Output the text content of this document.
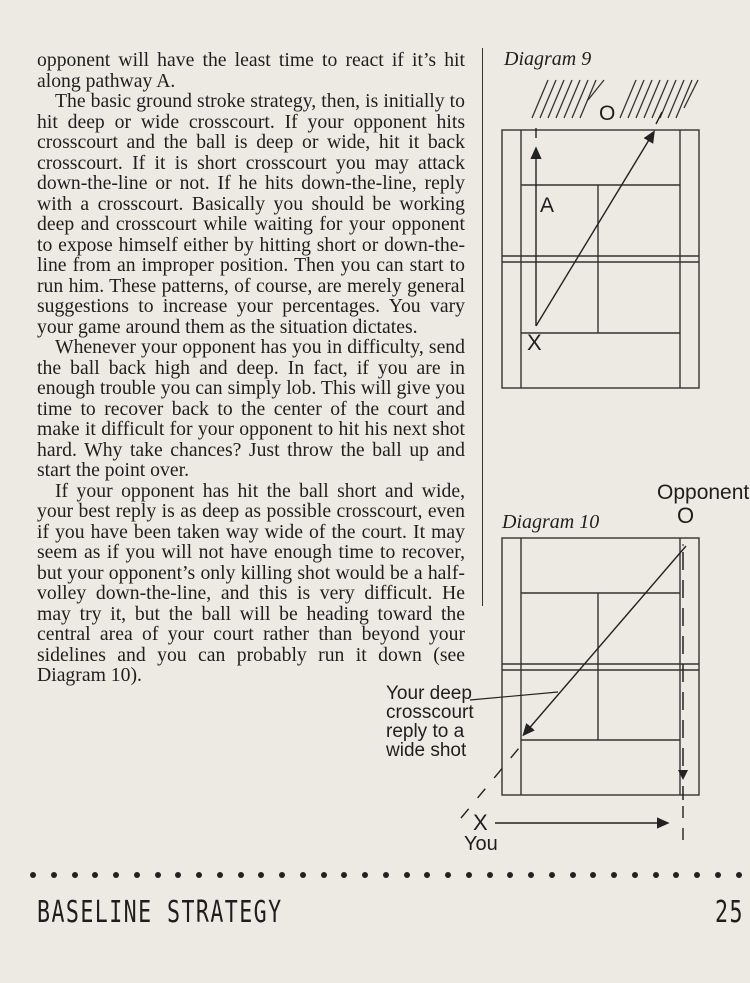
opponent will have the least time to react if it’s hit along pathway A.

The basic ground stroke strategy, then, is initially to hit deep or wide crosscourt. If your opponent hits crosscourt and the ball is deep or wide, hit it back crosscourt. If it is short crosscourt you may attack down-the-line or not. If he hits down-the-line, reply with a crosscourt. Basically you should be working deep and crosscourt while waiting for your opponent to expose himself either by hitting short or down-the-line from an improper position. Then you can start to run him. These patterns, of course, are merely general suggestions to increase your percentages. You vary your game around them as the situation dictates.

Whenever your opponent has you in difficulty, send the ball back high and deep. In fact, if you are in enough trouble you can simply lob. This will give you time to recover back to the center of the court and make it difficult for your opponent to hit his next shot hard. Why take chances? Just throw the ball up and start the point over.

If your opponent has hit the ball short and wide, your best reply is as deep as possible crosscourt, even if you have been taken way wide of the court. It may seem as if you will not have enough time to recover, but your opponent’s only killing shot would be a half-volley down-the-line, and this is very difficult. He may try it, but the ball will be heading toward the central area of your court rather than beyond your sidelines and you can probably run it down (see Diagram 10).

Diagram 9
O
A
X
Diagram 10
Opponent
O
Your deep
crosscourt
reply to a
wide shot
X
You
BASELINE STRATEGY	25
